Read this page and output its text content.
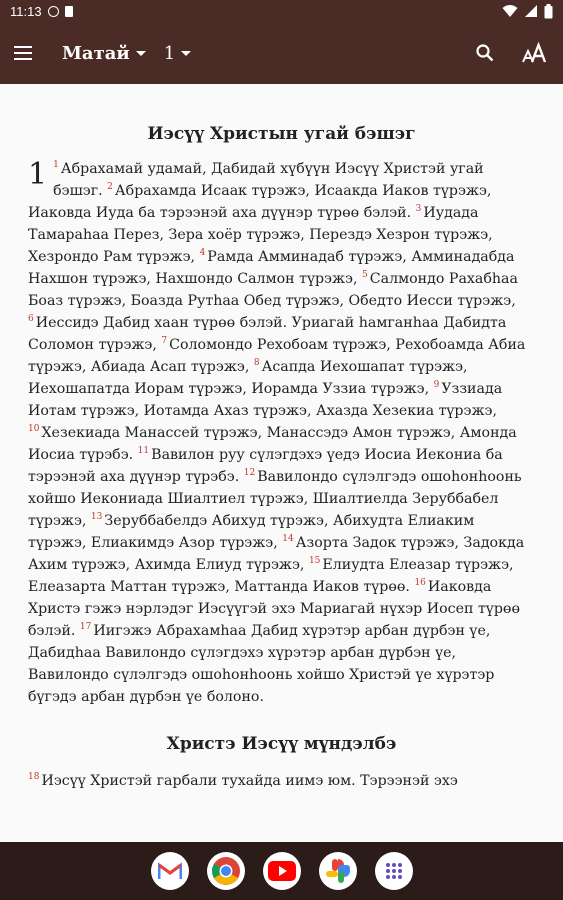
11:13
Матай 1
Иэсүү Христын угай бэшэг
1 $^1$ Абрахамай удамай, Дабидай хүбүүн Иэсүү Христэй угай бэшэг. $^2$ Абрахамда Исаак түрэжэ, Исаакда Иаков түрэжэ, Иаковда Иуда ба тэрээнэй аха дүүнэр түрөө бэлэй. $^3$ Иудада Тамараһаа Перез, Зера хоёр түрэжэ, Перездэ Хезрон түрэжэ, Хезрондо Рам түрэжэ, $^4$ Рамда Амминадаб түрэжэ, Амминадабда Нахшон түрэжэ, Нахшондо Салмон түрэжэ, $^5$ Салмондо Рахабһаа Боаз түрэжэ, Боазда Рутһаа Обед түрэжэ, Обедто Иесси түрэжэ, $^6$ Иессидэ Дабид хаан түрөө бэлэй. Уриагай һамганһаа Дабидта Соломон түрэжэ, $^7$ Соломондо Рехобоам түрэжэ, Рехобоамда Абиа түрэжэ, Абиада Асап түрэжэ, $^8$ Асапда Иехошапат түрэжэ, Иехошапатда Иорам түрэжэ, Иорамда Уззиа түрэжэ, $^9$ Уззиада Иотам түрэжэ, Иотамда Ахаз түрэжэ, Ахазда Хезекиа түрэжэ, $^{10}$ Хезекиада Манассей түрэжэ, Манассэдэ Амон түрэжэ, Амонда Иосиа түрэбэ. $^{11}$ Вавилон руу сүлэгдэхэ үедэ Иосиа Иекониа ба тэрээнэй аха дүүнэр түрэбэ. $^{12}$ Вавилондо сүлэлгэдэ ошоһонһоонь хойшо Иекониада Шиалтиел түрэжэ, Шиалтиелда Зеруббабел түрэжэ, $^{13}$ Зеруббабелдэ Абихуд түрэжэ, Абихудта Елиаким түрэжэ, Елиакимдэ Азор түрэжэ, $^{14}$ Азорта Задок түрэжэ, Задокда Ахим түрэжэ, Ахимда Елиуд түрэжэ, $^{15}$ Елиудта Елеазар түрэжэ, Елеазарта Маттан түрэжэ, Маттанда Иаков түрөө. $^{16}$ Иаковда Христэ гэжэ нэрлэдэг Иэсүүгэй эхэ Мариагай нүхэр Иосеп түрөө бэлэй. $^{17}$ Иигэжэ Абрахамһаа Дабид хүрэтэр арбан дүрбэн үе, Дабидһаа Вавилондо сүлэгдэхэ хүрэтэр арбан дүрбэн үе, Вавилондо сүлэлгэдэ ошоһонһоонь хойшо Христэй үе хүрэтэр бүгэдэ арбан дүрбэн үе болоно.
Христэ Иэсүү мүндэлбэ
$^{18}$ Иэсүү Христэй гарбали тухайда иимэ юм. Тэрээнэй эхэ
